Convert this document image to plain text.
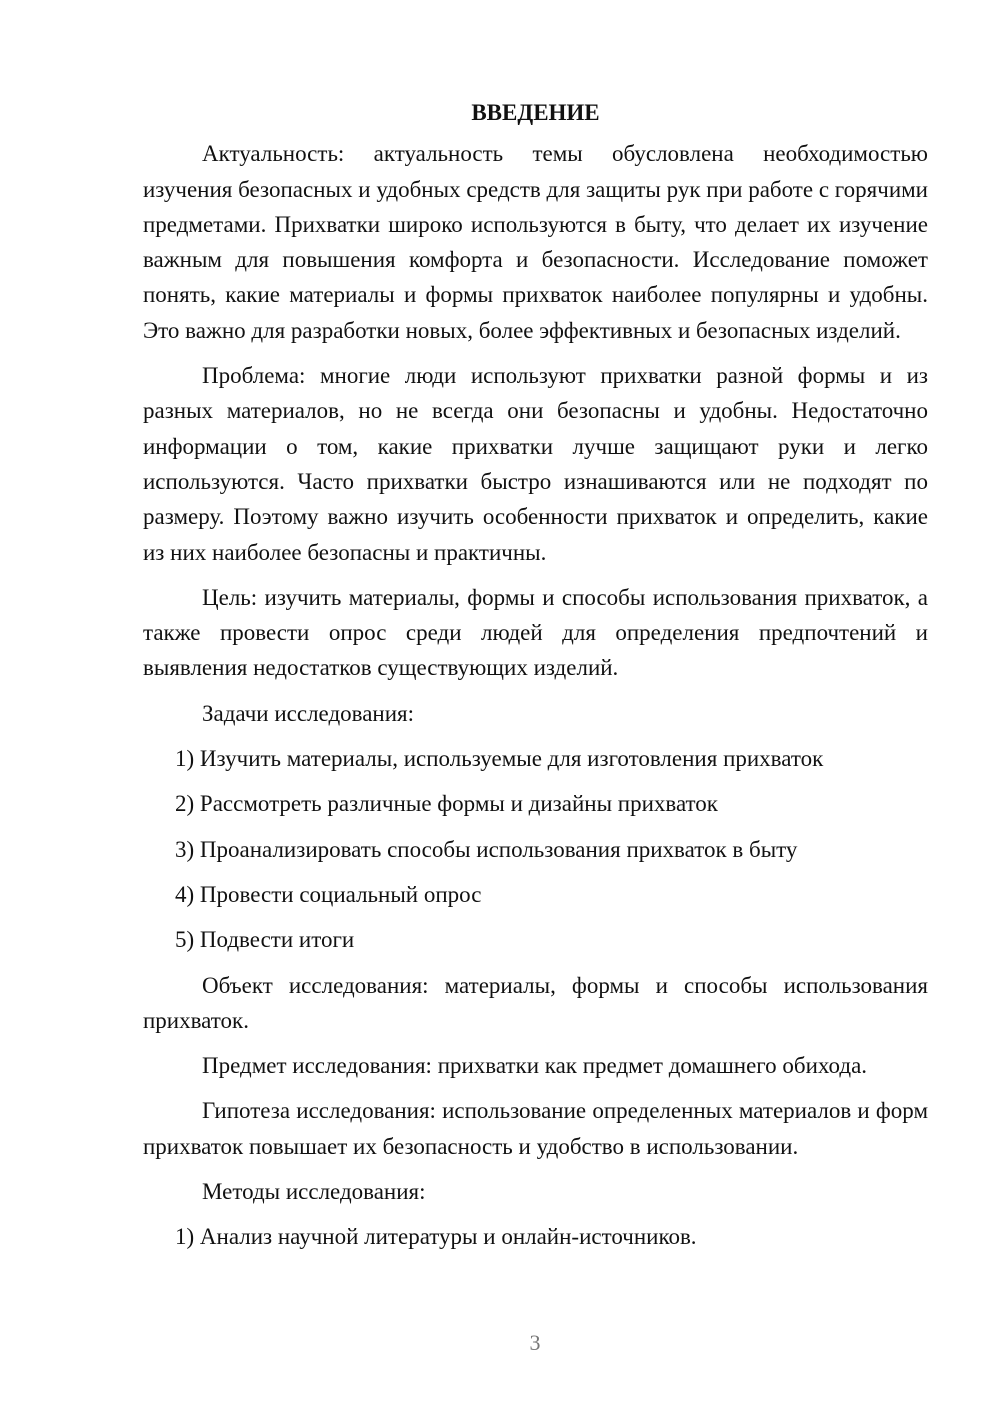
ВВЕДЕНИЕ

Актуальность: актуальность темы обусловлена необходимостью изучения безопасных и удобных средств для защиты рук при работе с горячими предметами. Прихватки широко используются в быту, что делает их изучение важным для повышения комфорта и безопасности. Исследование поможет понять, какие материалы и формы прихваток наиболее популярны и удобны. Это важно для разработки новых, более эффективных и безопасных изделий.

Проблема: многие люди используют прихватки разной формы и из разных материалов, но не всегда они безопасны и удобны. Недостаточно информации о том, какие прихватки лучше защищают руки и легко используются. Часто прихватки быстро изнашиваются или не подходят по размеру. Поэтому важно изучить особенности прихваток и определить, какие из них наиболее безопасны и практичны.

Цель: изучить материалы, формы и способы использования прихваток, а также провести опрос среди людей для определения предпочтений и выявления недостатков существующих изделий.

Задачи исследования:

1) Изучить материалы, используемые для изготовления прихваток

2) Рассмотреть различные формы и дизайны прихваток

3) Проанализировать способы использования прихваток в быту

4) Провести социальный опрос

5) Подвести итоги

Объект исследования: материалы, формы и способы использования прихваток.

Предмет исследования: прихватки как предмет домашнего обихода.

Гипотеза исследования: использование определенных материалов и форм прихваток повышает их безопасность и удобство в использовании.

Методы исследования:

1) Анализ научной литературы и онлайн-источников.

3
